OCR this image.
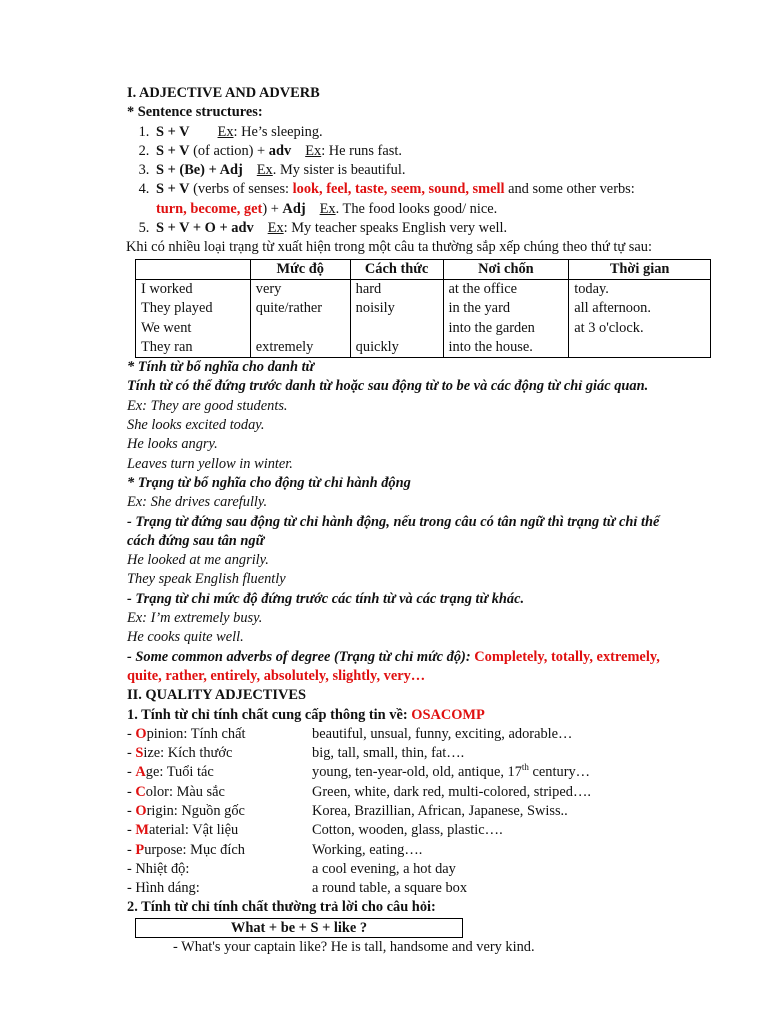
I. ADJECTIVE AND ADVERB
* Sentence structures:
1. S + V Ex: He’s sleeping.
2. S + V (of action) + adv Ex: He runs fast.
3. S + (Be) + Adj Ex. My sister is beautiful.
4. S + V (verbs of senses: look, feel, taste, seem, sound, smell and some other verbs:
turn, become, get) + Adj Ex. The food looks good/ nice.
5. S + V + O + adv Ex: My teacher speaks English very well.
Khi có nhiều loại trạng từ xuất hiện trong một câu ta thường sắp xếp chúng theo thứ tự sau:
	Mức độ	Cách thức	Nơi chốn	Thời gian
I worked	very	hard	at the office	today.
They played	quite/rather	noisily	in the yard	all afternoon.
We went			into the garden	at 3 o'clock.
They ran	extremely	quickly	into the house.	
* Tính từ bổ nghĩa cho danh từ
Tính từ có thể đứng trước danh từ hoặc sau động từ to be và các động từ chỉ giác quan.
Ex: They are good students.
She looks excited today.
He looks angry.
Leaves turn yellow in winter.
* Trạng từ bổ nghĩa cho động từ chỉ hành động
Ex: She drives carefully.
- Trạng từ đứng sau động từ chỉ hành động, nếu trong câu có tân ngữ thì trạng từ chỉ thể
cách đứng sau tân ngữ
He looked at me angrily.
They speak English fluently
- Trạng từ chỉ mức độ đứng trước các tính từ và các trạng từ khác.
Ex: I’m extremely busy.
He cooks quite well.
- Some common adverbs of degree (Trạng từ chỉ mức độ): Completely, totally, extremely,
quite, rather, entirely, absolutely, slightly, very…
II. QUALITY ADJECTIVES
1. Tính từ chỉ tính chất cung cấp thông tin về: OSACOMP
- Opinion: Tính chất	beautiful, unsual, funny, exciting, adorable…
- Size: Kích thước	big, tall, small, thin, fat….
- Age: Tuổi tác	young, ten-year-old, old, antique, 17th century…
- Color: Màu sắc	Green, white, dark red, multi-colored, striped….
- Origin: Nguồn gốc	Korea, Brazillian, African, Japanese, Swiss..
- Material: Vật liệu	Cotton, wooden, glass, plastic….
- Purpose: Mục đích	Working, eating….
- Nhiệt độ:	a cool evening, a hot day
- Hình dáng:	a round table, a square box
2. Tính từ chỉ tính chất thường trả lời cho câu hỏi:
What + be + S + like ?
- What's your captain like? He is tall, handsome and very kind.
